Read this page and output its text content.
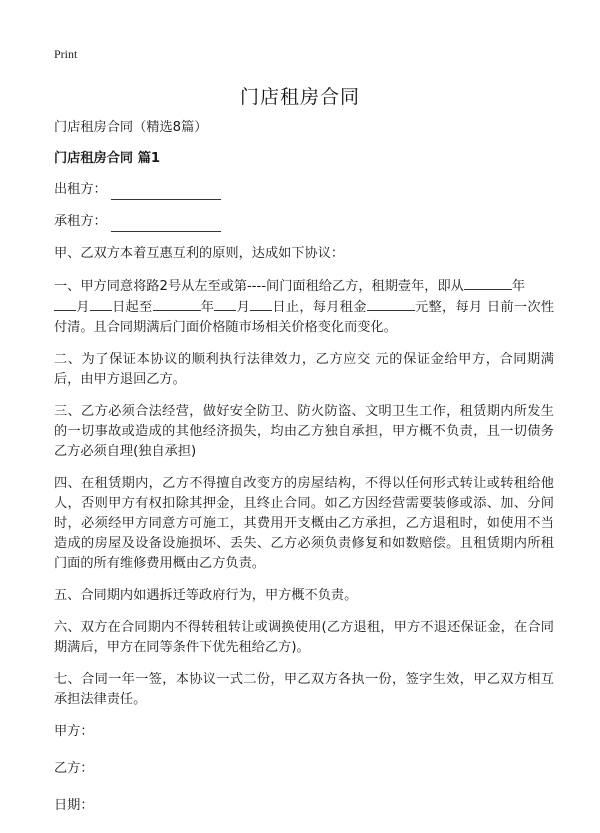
Print
门店租房合同

门店租房合同（精选8篇）

门店租房合同 篇1

出租方：

承租方：

甲、乙双方本着互惠互利的原则，达成如下协议：

一、甲方同意将路2号从左至或第----间门面租给乙方，租期壹年，即从	年
月 日起至	年 月 日止，每月租金	元整，每月 日前一次性付清。且合同期满后门面价格随市场相关价格变化而变化。

二、为了保证本协议的顺利执行法律效力，乙方应交 元的保证金给甲方，合同期满后，由甲方退回乙方。

三、乙方必须合法经营，做好安全防卫、防火防盗、文明卫生工作，租赁期内所发生的一切事故或造成的其他经济损失，均由乙方独自承担，甲方概不负责，且一切债务乙方必须自理(独自承担)

四、在租赁期内，乙方不得擅自改变方的房屋结构，不得以任何形式转让或转租给他人，否则甲方有权扣除其押金，且终止合同。如乙方因经营需要装修或添、加、分间时，必须经甲方同意方可施工，其费用开支概由乙方承担，乙方退租时，如使用不当造成的房屋及设备设施损坏、丢失、乙方必须负责修复和如数赔偿。且租赁期内所租门面的所有维修费用概由乙方负责。

五、合同期内如遇拆迁等政府行为，甲方概不负责。

六、双方在合同期内不得转租转让或调换使用(乙方退租，甲方不退还保证金，在合同期满后，甲方在同等条件下优先租给乙方)。

七、合同一年一签，本协议一式二份，甲乙双方各执一份，签字生效，甲乙双方相互承担法律责任。

甲方：

乙方：

日期：
